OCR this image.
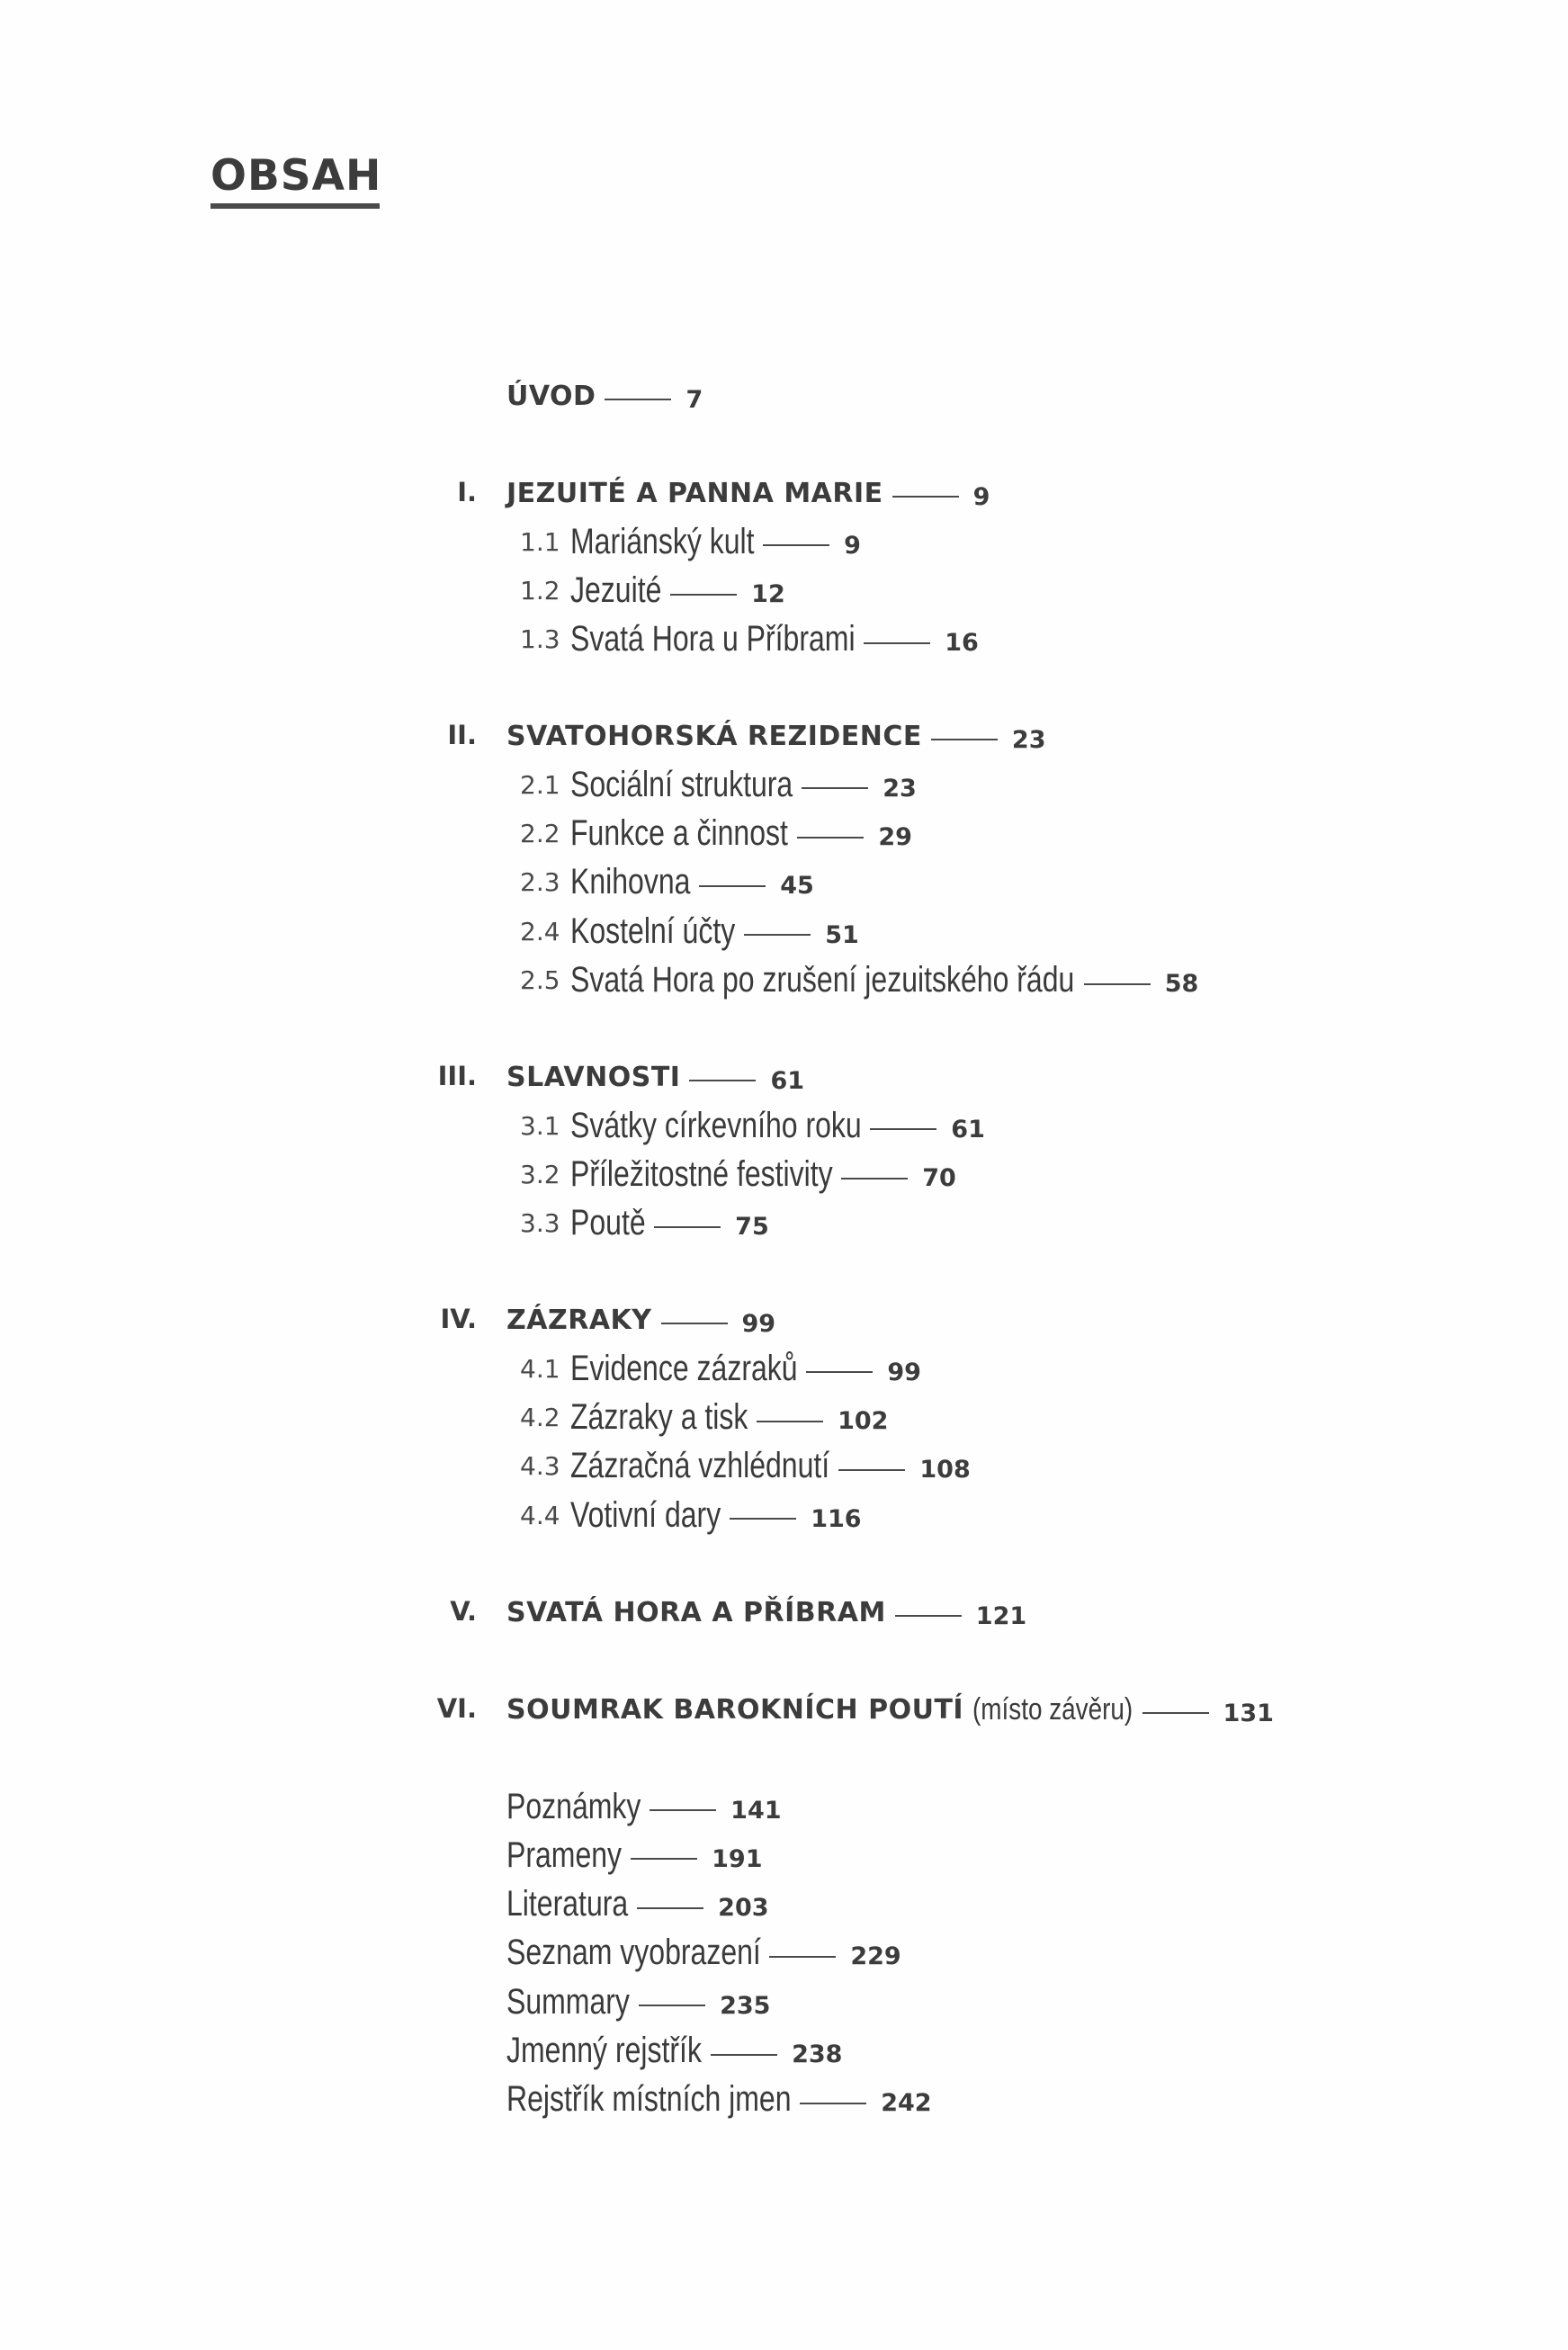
OBSAH
ÚVOD	7
I. JEZUITÉ A PANNA MARIE	9
1.1 Mariánský kult	9
1.2 Jezuité	12
1.3 Svatá Hora u Příbrami	16
II. SVATOHORSKÁ REZIDENCE	23
2.1 Sociální struktura	23
2.2 Funkce a činnost	29
2.3 Knihovna	45
2.4 Kostelní účty	51
2.5 Svatá Hora po zrušení jezuitského řádu	58
III. SLAVNOSTI	61
3.1 Svátky církevního roku	61
3.2 Příležitostné festivity	70
3.3 Poutě	75
IV. ZÁZRAKY	99
4.1 Evidence zázraků	99
4.2 Zázraky a tisk	102
4.3 Zázračná vzhlédnutí	108
4.4 Votivní dary	116
V. SVATÁ HORA A PŘÍBRAM	121
VI. SOUMRAK BAROKNÍCH POUTÍ (místo závěru)	131
Poznámky	141
Prameny	191
Literatura	203
Seznam vyobrazení	229
Summary	235
Jmenný rejstřík	238
Rejstřík místních jmen	242
